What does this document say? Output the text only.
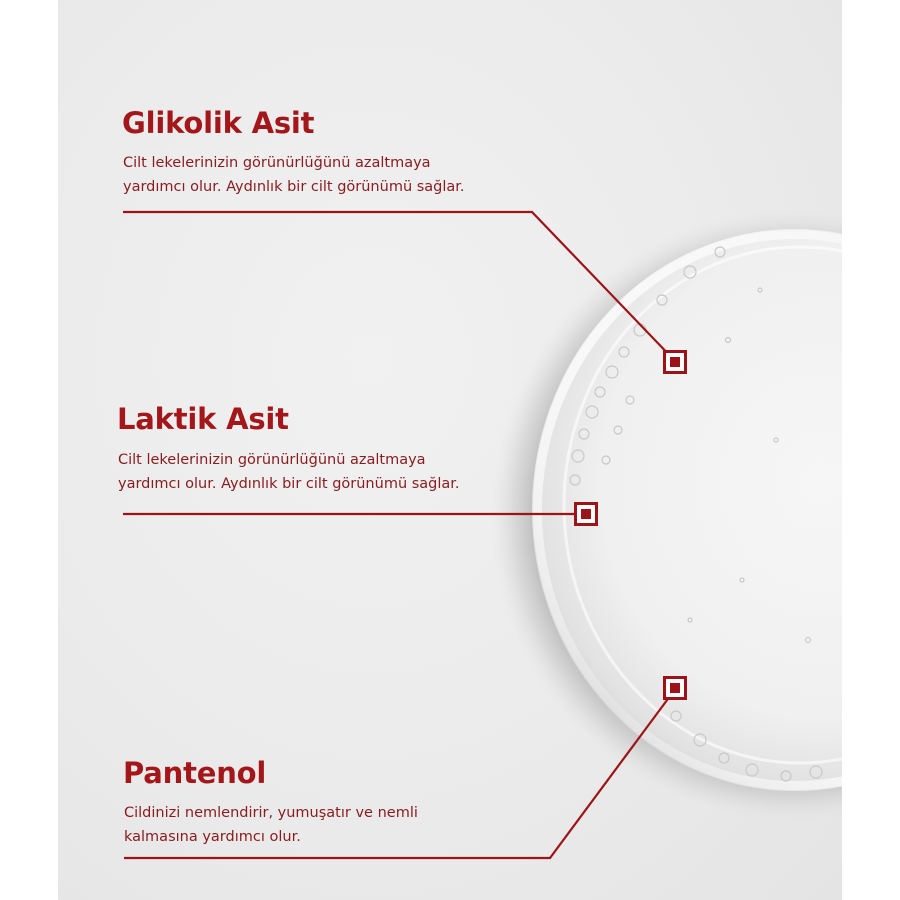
Glikolik Asit

Cilt lekelerinizin görünürlüğünü azaltmaya
yardımcı olur. Aydınlık bir cilt görünümü sağlar.

Laktik Asit

Cilt lekelerinizin görünürlüğünü azaltmaya
yardımcı olur. Aydınlık bir cilt görünümü sağlar.

Pantenol

Cildinizi nemlendirir, yumuşatır ve nemli
kalmasına yardımcı olur.
